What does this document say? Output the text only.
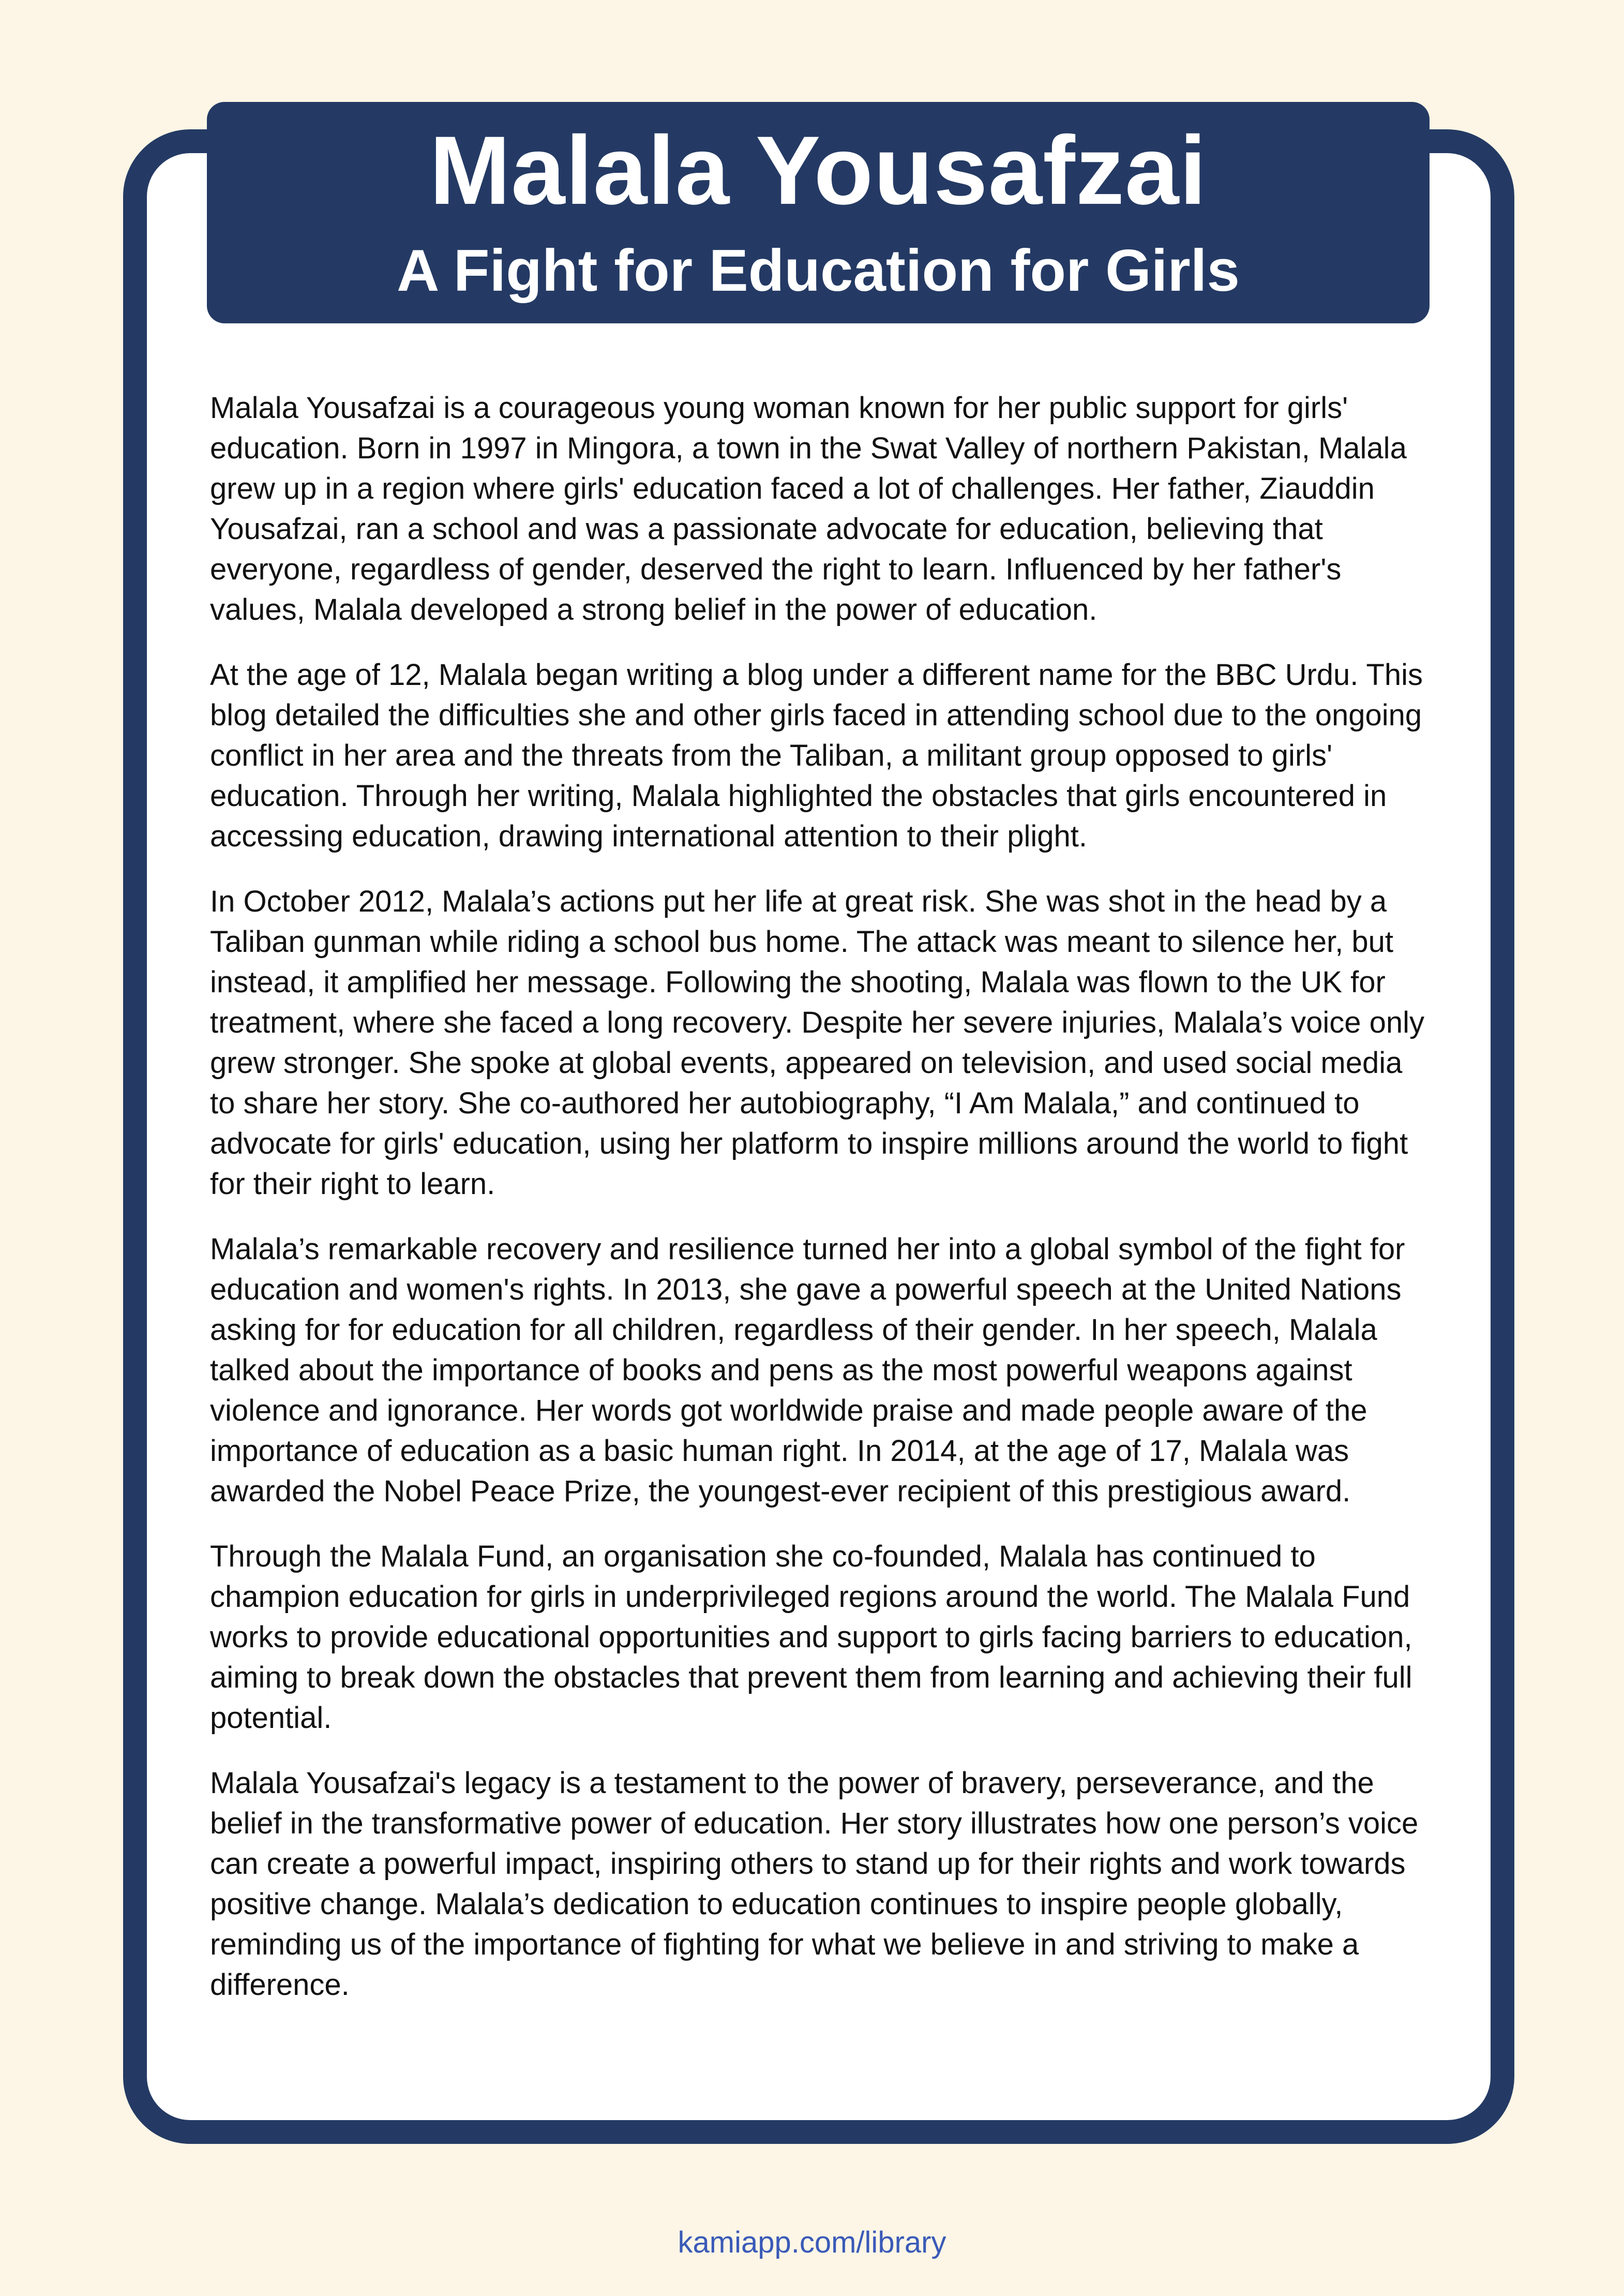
Malala Yousafzai
A Fight for Education for Girls

Malala Yousafzai is a courageous young woman known for her public support for girls'
education. Born in 1997 in Mingora, a town in the Swat Valley of northern Pakistan, Malala
grew up in a region where girls' education faced a lot of challenges. Her father, Ziauddin
Yousafzai, ran a school and was a passionate advocate for education, believing that
everyone, regardless of gender, deserved the right to learn. Influenced by her father's
values, Malala developed a strong belief in the power of education.

At the age of 12, Malala began writing a blog under a different name for the BBC Urdu. This
blog detailed the difficulties she and other girls faced in attending school due to the ongoing
conflict in her area and the threats from the Taliban, a militant group opposed to girls'
education. Through her writing, Malala highlighted the obstacles that girls encountered in
accessing education, drawing international attention to their plight.

In October 2012, Malala’s actions put her life at great risk. She was shot in the head by a
Taliban gunman while riding a school bus home. The attack was meant to silence her, but
instead, it amplified her message. Following the shooting, Malala was flown to the UK for
treatment, where she faced a long recovery. Despite her severe injuries, Malala’s voice only
grew stronger. She spoke at global events, appeared on television, and used social media
to share her story. She co-authored her autobiography, “I Am Malala,” and continued to
advocate for girls' education, using her platform to inspire millions around the world to fight
for their right to learn.

Malala’s remarkable recovery and resilience turned her into a global symbol of the fight for
education and women's rights. In 2013, she gave a powerful speech at the United Nations
asking for for education for all children, regardless of their gender. In her speech, Malala
talked about the importance of books and pens as the most powerful weapons against
violence and ignorance. Her words got worldwide praise and made people aware of the
importance of education as a basic human right. In 2014, at the age of 17, Malala was
awarded the Nobel Peace Prize, the youngest-ever recipient of this prestigious award.

Through the Malala Fund, an organisation she co-founded, Malala has continued to
champion education for girls in underprivileged regions around the world. The Malala Fund
works to provide educational opportunities and support to girls facing barriers to education,
aiming to break down the obstacles that prevent them from learning and achieving their full
potential.

Malala Yousafzai's legacy is a testament to the power of bravery, perseverance, and the
belief in the transformative power of education. Her story illustrates how one person’s voice
can create a powerful impact, inspiring others to stand up for their rights and work towards
positive change. Malala’s dedication to education continues to inspire people globally,
reminding us of the importance of fighting for what we believe in and striving to make a
difference.

kamiapp.com/library
